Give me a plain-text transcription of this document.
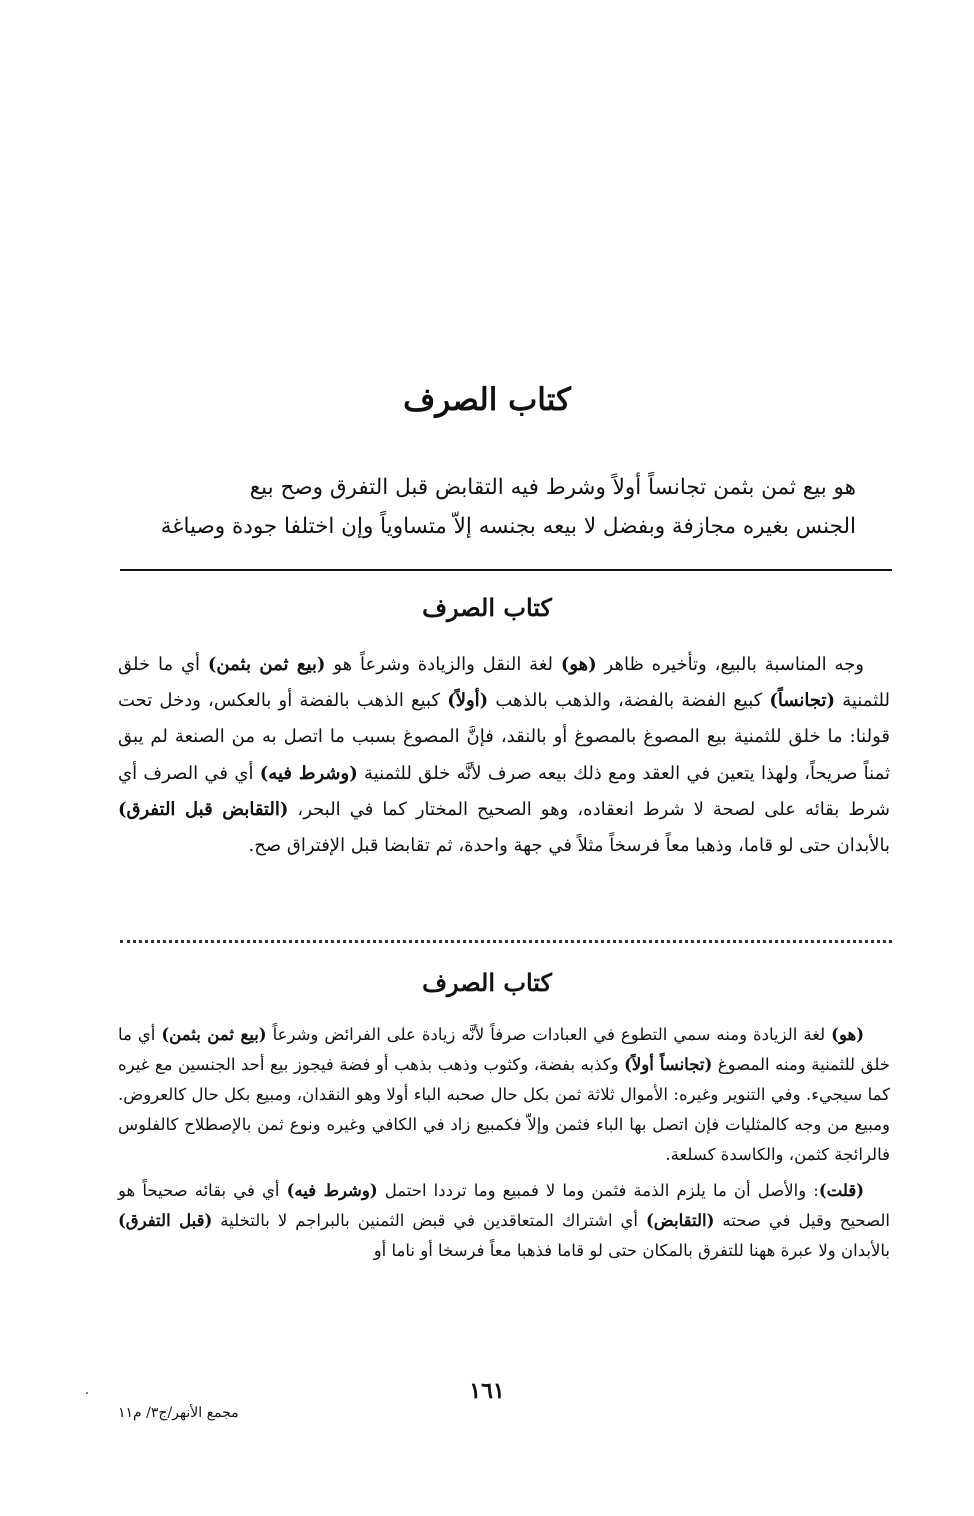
كتاب الصرف
هو بيع ثمن بثمن تجانساً أولاً وشرط فيه التقابض قبل التفرق وصح بيع
الجنس بغيره مجازفة وبفضل لا بيعه بجنسه إلاّ متساوياً وإن اختلفا جودة وصياغة
كتاب الصرف
وجه المناسبة بالبيع، وتأخيره ظاهر (هو) لغة النقل والزيادة وشرعاً هو (بيع ثمن بثمن) أي ما خلق للثمنية (تجانساً) كبيع الفضة بالفضة، والذهب بالذهب (أولاً) كبيع الذهب بالفضة أو بالعكس، ودخل تحت قولنا: ما خلق للثمنية بيع المصوغ بالمصوغ أو بالنقد، فإنَّ المصوغ بسبب ما اتصل به من الصنعة لم يبق ثمناً صريحاً، ولهذا يتعين في العقد ومع ذلك بيعه صرف لأنَّه خلق للثمنية (وشرط فيه) أي في الصرف أي شرط بقائه على لصحة لا شرط انعقاده، وهو الصحيح المختار كما في البحر، (التقابض قبل التفرق) بالأبدان حتى لو قاما، وذهبا معاً فرسخاً مثلاً في جهة واحدة، ثم تقابضا قبل الإفتراق صح.
كتاب الصرف

(هو) لغة الزيادة ومنه سمي التطوع في العبادات صرفاً لأنَّه زيادة على الفرائض وشرعاً (بيع ثمن بثمن) أي ما خلق للثمنية ومنه المصوغ (تجانساً أولاً) وكذبه بفضة، وكثوب وذهب بذهب أو فضة فيجوز بيع أحد الجنسين مع غيره كما سيجيء. وفي التنوير وغيره: الأموال ثلاثة ثمن بكل حال صحبه الباء أولا وهو النقدان، ومبيع بكل حال كالعروض. ومبيع من وجه كالمثليات فإن اتصل بها الباء فثمن وإلاّ فكمبيع زاد في الكافي وغيره ونوع ثمن بالإصطلاح كالفلوس فالرائجة كثمن، والكاسدة كسلعة.

(قلت): والأصل أن ما يلزم الذمة فثمن وما لا فمبيع وما ترددا احتمل (وشرط فيه) أي في بقائه صحيحاً هو الصحيح وقيل في صحته (التقابض) أي اشتراك المتعاقدين في قبض الثمنين بالبراجم لا بالتخلية (قبل التفرق) بالأبدان ولا عبرة ههنا للتفرق بالمكان حتى لو قاما فذهبا معاً فرسخا أو ناما أو

١٦١
مجمع الأنهر/ج٣/ م١١
